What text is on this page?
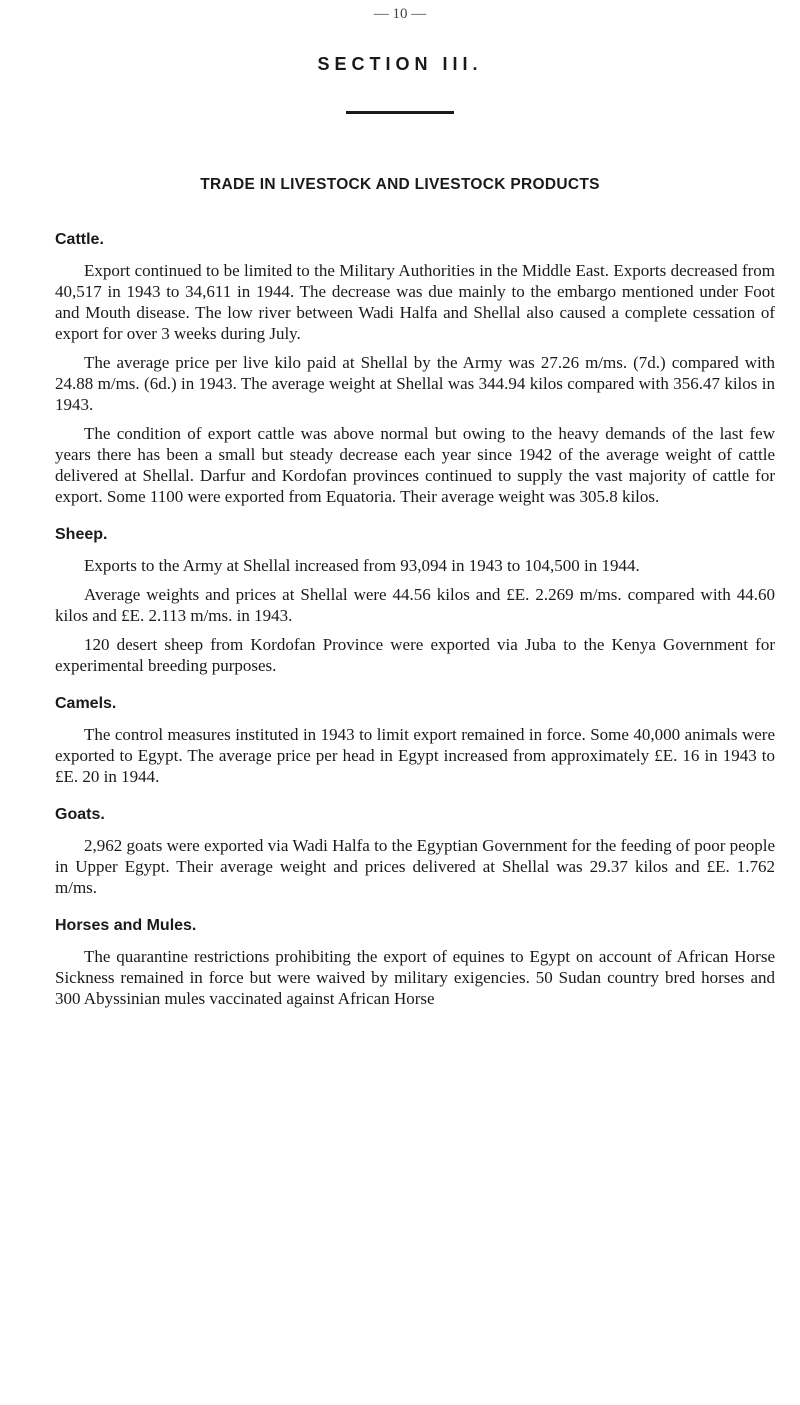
— 10 —
SECTION III.
TRADE IN LIVESTOCK AND LIVESTOCK PRODUCTS
Cattle.

Export continued to be limited to the Military Authorities in the Middle East. Exports decreased from 40,517 in 1943 to 34,611 in 1944. The decrease was due mainly to the embargo mentioned under Foot and Mouth disease. The low river between Wadi Halfa and Shellal also caused a complete cessation of export for over 3 weeks during July.

The average price per live kilo paid at Shellal by the Army was 27.26 m/ms. (7d.) compared with 24.88 m/ms. (6d.) in 1943. The average weight at Shellal was 344.94 kilos compared with 356.47 kilos in 1943.

The condition of export cattle was above normal but owing to the heavy demands of the last few years there has been a small but steady decrease each year since 1942 of the average weight of cattle delivered at Shellal. Darfur and Kordofan provinces continued to supply the vast majority of cattle for export. Some 1100 were exported from Equatoria. Their average weight was 305.8 kilos.

Sheep.

Exports to the Army at Shellal increased from 93,094 in 1943 to 104,500 in 1944.

Average weights and prices at Shellal were 44.56 kilos and £E. 2.269 m/ms. compared with 44.60 kilos and £E. 2.113 m/ms. in 1943.

120 desert sheep from Kordofan Province were exported via Juba to the Kenya Government for experimental breeding purposes.

Camels.

The control measures instituted in 1943 to limit export remained in force. Some 40,000 animals were exported to Egypt. The average price per head in Egypt increased from approximately £E. 16 in 1943 to £E. 20 in 1944.

Goats.

2,962 goats were exported via Wadi Halfa to the Egyptian Government for the feeding of poor people in Upper Egypt. Their average weight and prices delivered at Shellal was 29.37 kilos and £E. 1.762 m/ms.

Horses and Mules.

The quarantine restrictions prohibiting the export of equines to Egypt on account of African Horse Sickness remained in force but were waived by military exigencies. 50 Sudan country bred horses and 300 Abyssinian mules vaccinated against African Horse
